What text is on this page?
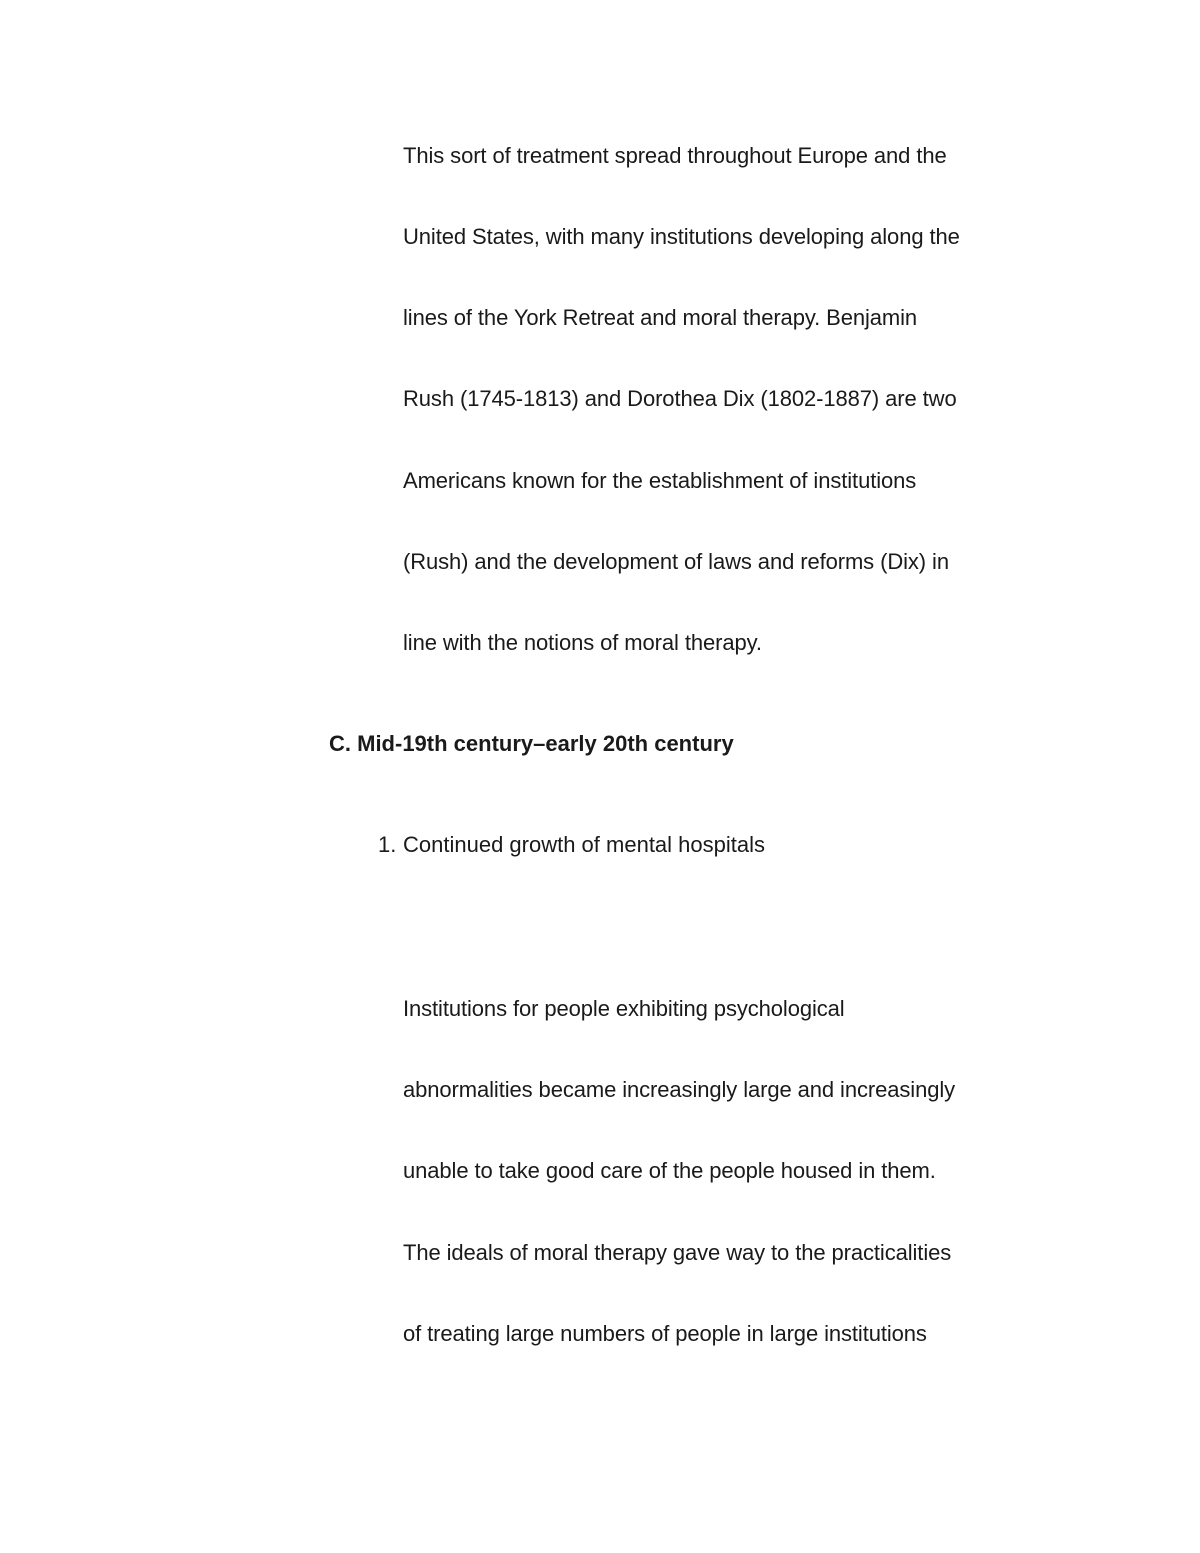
This sort of treatment spread throughout Europe and the
United States, with many institutions developing along the
lines of the York Retreat and moral therapy. Benjamin
Rush (1745-1813) and Dorothea Dix (1802-1887) are two
Americans known for the establishment of institutions
(Rush) and the development of laws and reforms (Dix) in
line with the notions of moral therapy.
C. Mid-19th century–early 20th century
1. Continued growth of mental hospitals
Institutions for people exhibiting psychological
abnormalities became increasingly large and increasingly
unable to take good care of the people housed in them.
The ideals of moral therapy gave way to the practicalities
of treating large numbers of people in large institutions
